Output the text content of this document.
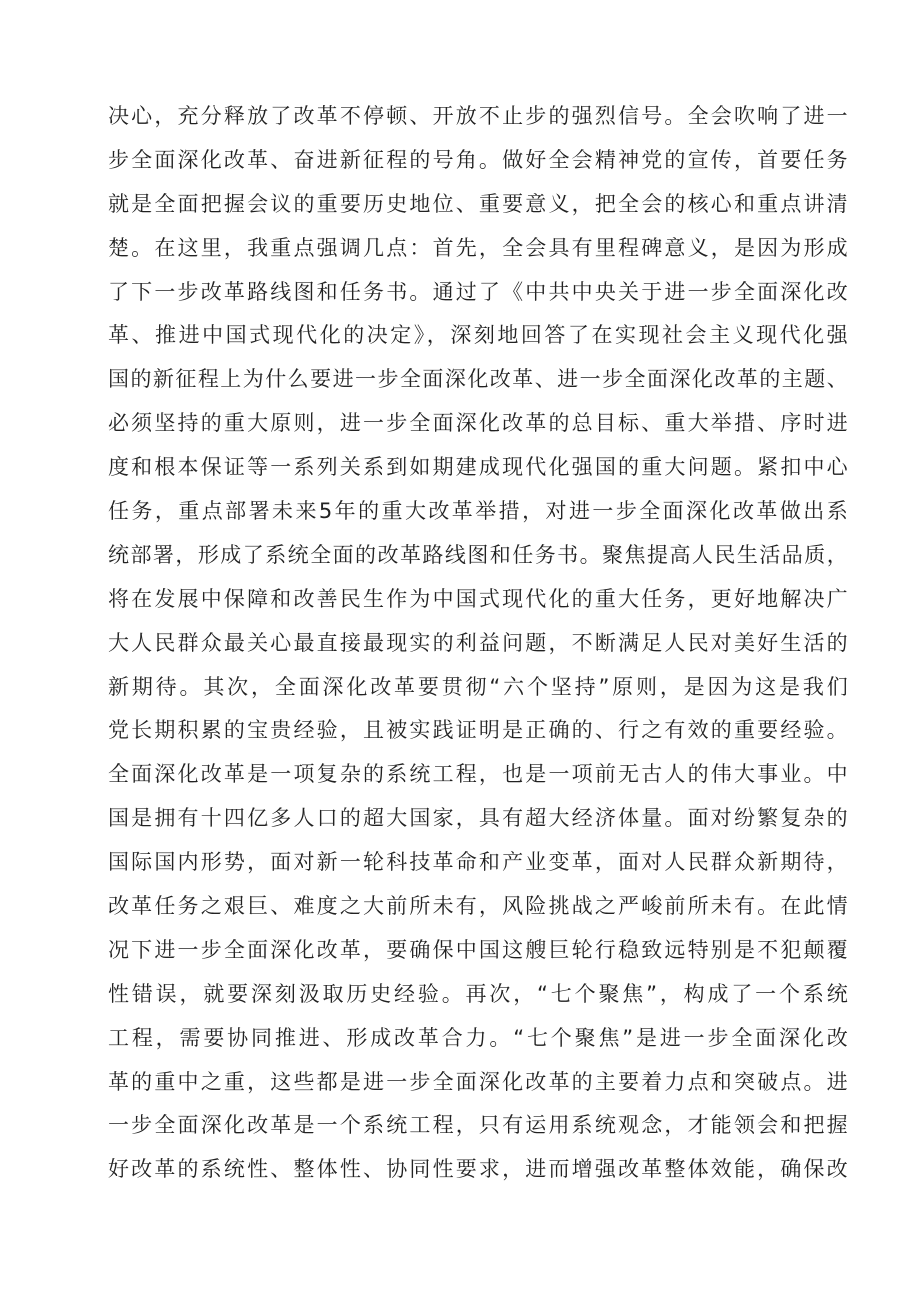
决心，充分释放了改革不停顿、开放不止步的强烈信号。全会吹响了进一
步全面深化改革、奋进新征程的号角。做好全会精神党的宣传，首要任务
就是全面把握会议的重要历史地位、重要意义，把全会的核心和重点讲清
楚。在这里，我重点强调几点：首先，全会具有里程碑意义，是因为形成
了下一步改革路线图和任务书。通过了《中共中央关于进一步全面深化改
革、推进中国式现代化的决定》，深刻地回答了在实现社会主义现代化强
国的新征程上为什么要进一步全面深化改革、进一步全面深化改革的主题、
必须坚持的重大原则，进一步全面深化改革的总目标、重大举措、序时进
度和根本保证等一系列关系到如期建成现代化强国的重大问题。紧扣中心
任务，重点部署未来5年的重大改革举措，对进一步全面深化改革做出系
统部署，形成了系统全面的改革路线图和任务书。聚焦提高人民生活品质，
将在发展中保障和改善民生作为中国式现代化的重大任务，更好地解决广
大人民群众最关心最直接最现实的利益问题，不断满足人民对美好生活的
新期待。其次，全面深化改革要贯彻“六个坚持”原则，是因为这是我们
党长期积累的宝贵经验，且被实践证明是正确的、行之有效的重要经验。
全面深化改革是一项复杂的系统工程，也是一项前无古人的伟大事业。中
国是拥有十四亿多人口的超大国家，具有超大经济体量。面对纷繁复杂的
国际国内形势，面对新一轮科技革命和产业变革，面对人民群众新期待，
改革任务之艰巨、难度之大前所未有，风险挑战之严峻前所未有。在此情
况下进一步全面深化改革，要确保中国这艘巨轮行稳致远特别是不犯颠覆
性错误，就要深刻汲取历史经验。再次，“七个聚焦”，构成了一个系统
工程，需要协同推进、形成改革合力。“七个聚焦”是进一步全面深化改
革的重中之重，这些都是进一步全面深化改革的主要着力点和突破点。进
一步全面深化改革是一个系统工程，只有运用系统观念，才能领会和把握
好改革的系统性、整体性、协同性要求，进而增强改革整体效能，确保改
